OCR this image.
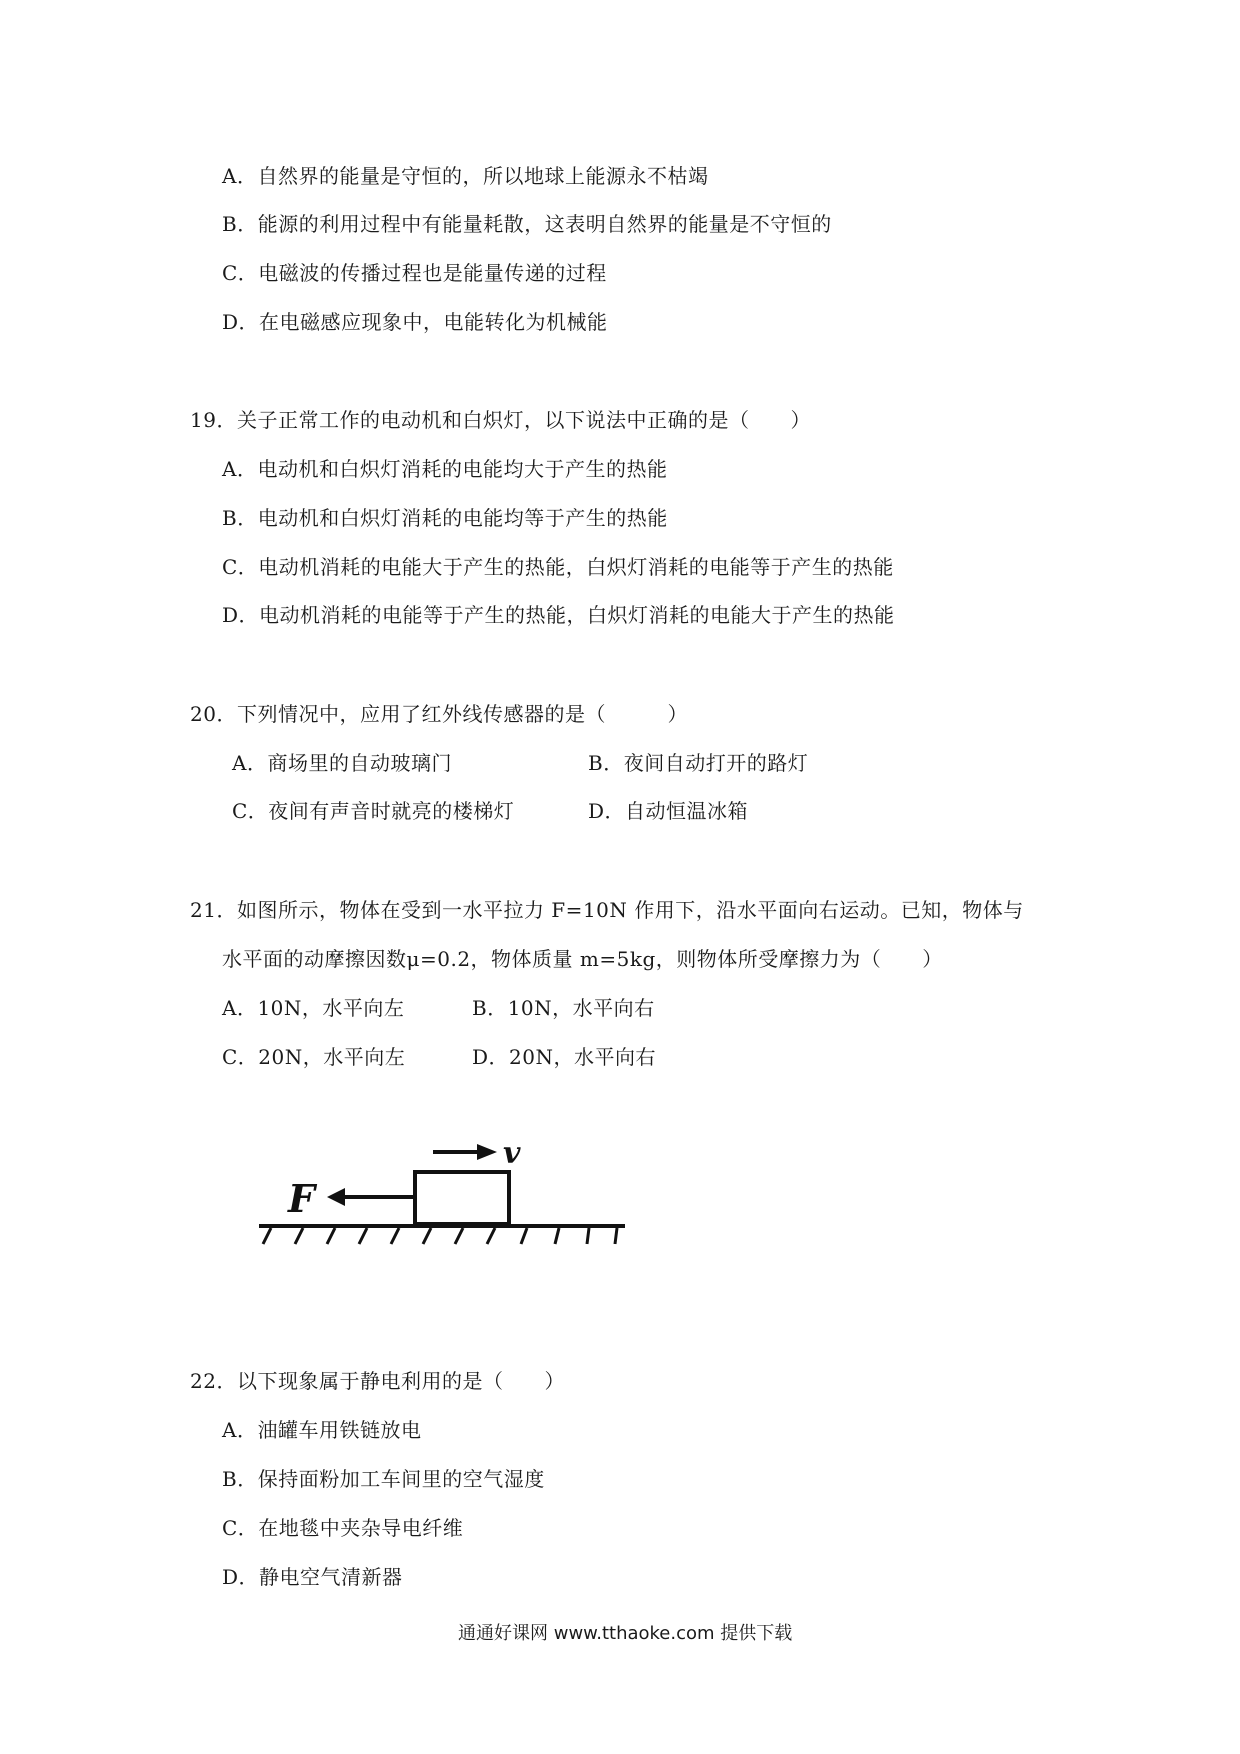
A．自然界的能量是守恒的，所以地球上能源永不枯竭
B．能源的利用过程中有能量耗散，这表明自然界的能量是不守恒的
C．电磁波的传播过程也是能量传递的过程
D．在电磁感应现象中，电能转化为机械能
19．关子正常工作的电动机和白炽灯，以下说法中正确的是（　　）
A．电动机和白炽灯消耗的电能均大于产生的热能
B．电动机和白炽灯消耗的电能均等于产生的热能
C．电动机消耗的电能大于产生的热能，白炽灯消耗的电能等于产生的热能
D．电动机消耗的电能等于产生的热能，白炽灯消耗的电能大于产生的热能
20．下列情况中，应用了红外线传感器的是（　　　）
A．商场里的自动玻璃门	B．夜间自动打开的路灯
C．夜间有声音时就亮的楼梯灯	D．自动恒温冰箱
21．如图所示，物体在受到一水平拉力 F=10N 作用下，沿水平面向右运动。已知，物体与
水平面的动摩擦因数μ=0.2，物体质量 m=5kg，则物体所受摩擦力为（　　）
A．10N，水平向左	B．10N，水平向右
C．20N，水平向左	D．20N，水平向右
v
F
22．以下现象属于静电利用的是（　　）
A．油罐车用铁链放电
B．保持面粉加工车间里的空气湿度
C．在地毯中夹杂导电纤维
D．静电空气清新器
通通好课网 www.tthaoke.com 提供下载
